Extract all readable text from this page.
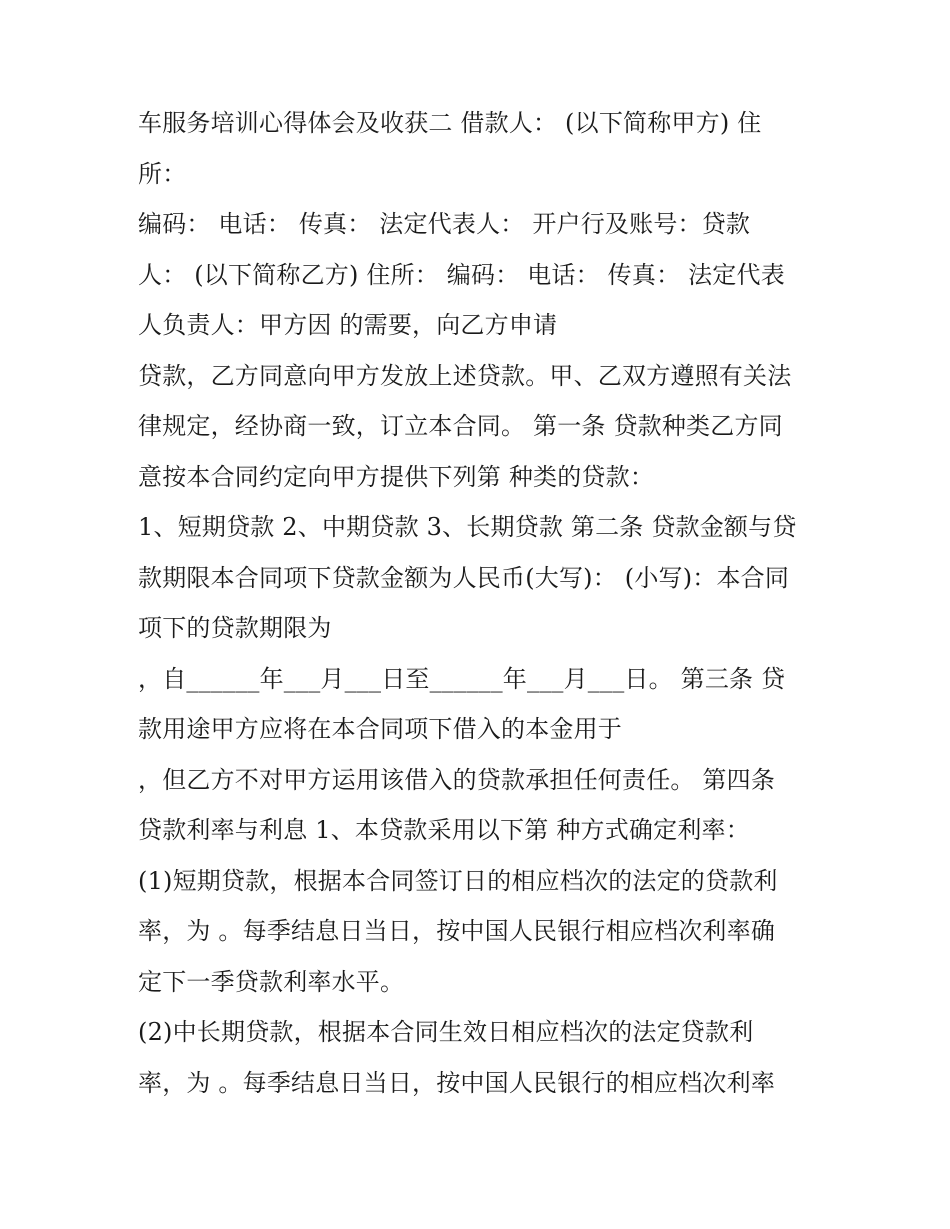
车服务培训心得体会及收获二 借款人： (以下简称甲方) 住
所：
编码： 电话： 传真： 法定代表人： 开户行及账号：贷款
人： (以下简称乙方) 住所： 编码： 电话： 传真： 法定代表
人负责人：甲方因 的需要，向乙方申请
贷款，乙方同意向甲方发放上述贷款。甲、乙双方遵照有关法
律规定，经协商一致，订立本合同。 第一条 贷款种类乙方同
意按本合同约定向甲方提供下列第 种类的贷款：
1、短期贷款 2、中期贷款 3、长期贷款 第二条 贷款金额与贷
款期限本合同项下贷款金额为人民币(大写)： (小写)：本合同
项下的贷款期限为
，自______年___月___日至______年___月___日。 第三条 贷
款用途甲方应将在本合同项下借入的本金用于
，但乙方不对甲方运用该借入的贷款承担任何责任。 第四条
贷款利率与利息 1、本贷款采用以下第 种方式确定利率：
(1)短期贷款，根据本合同签订日的相应档次的法定的贷款利
率，为 。每季结息日当日，按中国人民银行相应档次利率确
定下一季贷款利率水平。
(2)中长期贷款，根据本合同生效日相应档次的法定贷款利
率，为 。每季结息日当日，按中国人民银行的相应档次利率
